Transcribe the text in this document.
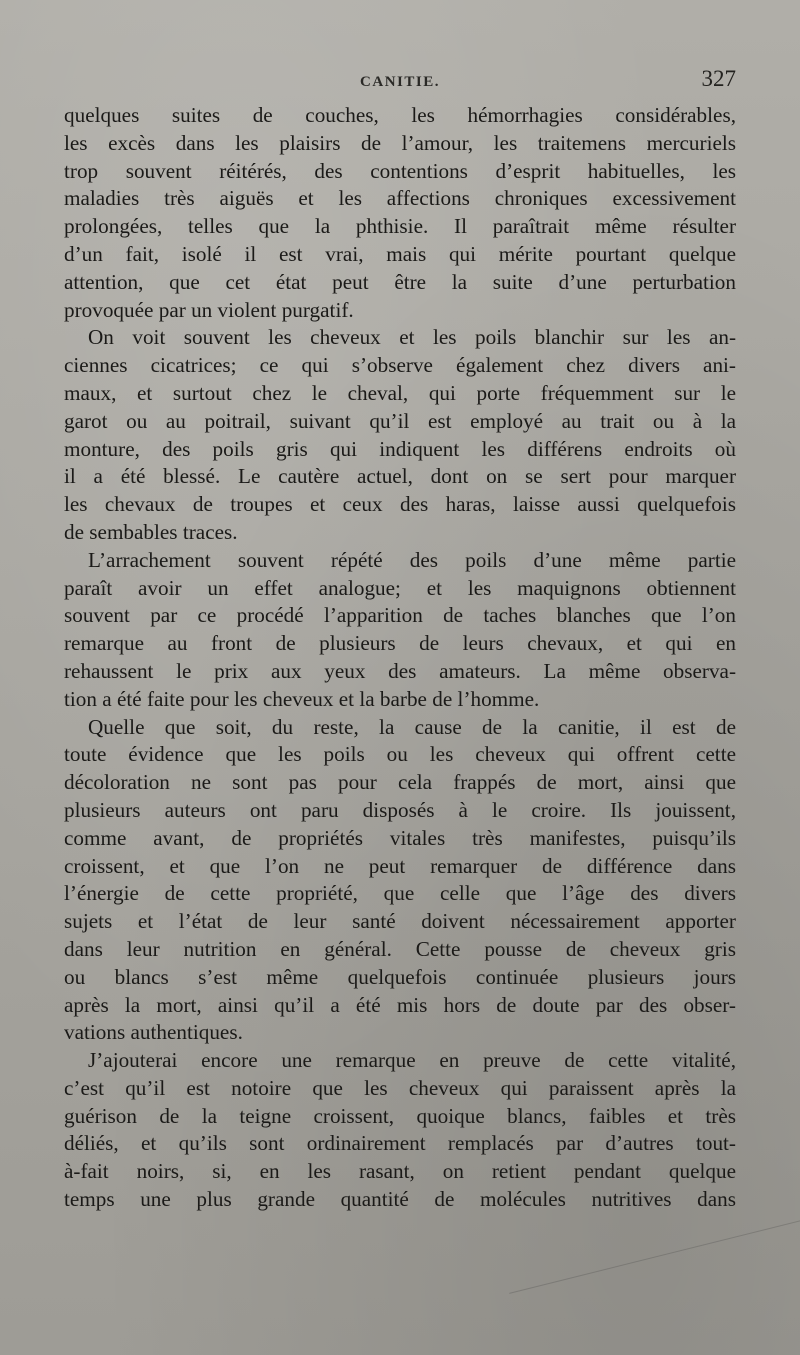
CANITIE.	327
quelques suites de couches, les hémorrhagies considérables,
les excès dans les plaisirs de l’amour, les traitemens mercuriels
trop souvent réitérés, des contentions d’esprit habituelles, les
maladies très aiguës et les affections chroniques excessivement
prolongées, telles que la phthisie. Il paraîtrait même résulter
d’un fait, isolé il est vrai, mais qui mérite pourtant quelque
attention, que cet état peut être la suite d’une perturbation
provoquée par un violent purgatif.
On voit souvent les cheveux et les poils blanchir sur les an-
ciennes cicatrices; ce qui s’observe également chez divers ani-
maux, et surtout chez le cheval, qui porte fréquemment sur le
garot ou au poitrail, suivant qu’il est employé au trait ou à la
monture, des poils gris qui indiquent les différens endroits où
il a été blessé. Le cautère actuel, dont on se sert pour marquer
les chevaux de troupes et ceux des haras, laisse aussi quelquefois
de sembables traces.
L’arrachement souvent répété des poils d’une même partie
paraît avoir un effet analogue; et les maquignons obtiennent
souvent par ce procédé l’apparition de taches blanches que l’on
remarque au front de plusieurs de leurs chevaux, et qui en
rehaussent le prix aux yeux des amateurs. La même observa-
tion a été faite pour les cheveux et la barbe de l’homme.
Quelle que soit, du reste, la cause de la canitie, il est de
toute évidence que les poils ou les cheveux qui offrent cette
décoloration ne sont pas pour cela frappés de mort, ainsi que
plusieurs auteurs ont paru disposés à le croire. Ils jouissent,
comme avant, de propriétés vitales très manifestes, puisqu’ils
croissent, et que l’on ne peut remarquer de différence dans
l’énergie de cette propriété, que celle que l’âge des divers
sujets et l’état de leur santé doivent nécessairement apporter
dans leur nutrition en général. Cette pousse de cheveux gris
ou blancs s’est même quelquefois continuée plusieurs jours
après la mort, ainsi qu’il a été mis hors de doute par des obser-
vations authentiques.
J’ajouterai encore une remarque en preuve de cette vitalité,
c’est qu’il est notoire que les cheveux qui paraissent après la
guérison de la teigne croissent, quoique blancs, faibles et très
déliés, et qu’ils sont ordinairement remplacés par d’autres tout-
à-fait noirs, si, en les rasant, on retient pendant quelque
temps une plus grande quantité de molécules nutritives dans
